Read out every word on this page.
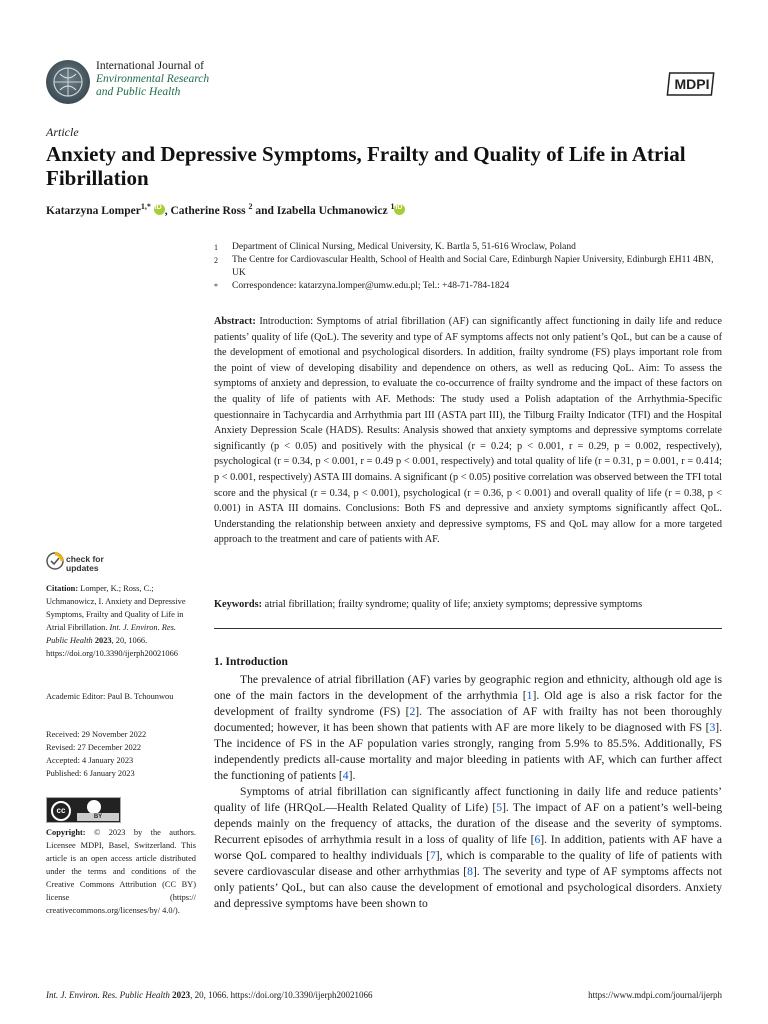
International Journal of
Environmental Research
and Public Health	MDPI
Article
Anxiety and Depressive Symptoms, Frailty and Quality of Life in Atrial Fibrillation
Katarzyna Lomper$^{1,*}$ iD , Catherine Ross $^2$ and Izabella Uchmanowicz $^1$iD
1	Department of Clinical Nursing, Medical University, K. Bartla 5, 51-616 Wroclaw, Poland
2	The Centre for Cardiovascular Health, School of Health and Social Care, Edinburgh Napier University, Edinburgh EH11 4BN, UK
*	Correspondence: katarzyna.lomper@umw.edu.pl; Tel.: +48-71-784-1824
Abstract: Introduction: Symptoms of atrial fibrillation (AF) can significantly affect functioning in daily life and reduce patients’ quality of life (QoL). The severity and type of AF symptoms affects not only patient’s QoL, but can be a cause of the development of emotional and psychological disorders. In addition, frailty syndrome (FS) plays important role from the point of view of developing disability and dependence on others, as well as reducing QoL. Aim: To assess the symptoms of anxiety and depression, to evaluate the co-occurrence of frailty syndrome and the impact of these factors on the quality of life of patients with AF. Methods: The study used a Polish adaptation of the Arrhythmia-Specific questionnaire in Tachycardia and Arrhythmia part III (ASTA part III), the Tilburg Frailty Indicator (TFI) and the Hospital Anxiety Depression Scale (HADS). Results: Analysis showed that anxiety symptoms and depressive symptoms correlate significantly (p < 0.05) and positively with the physical (r = 0.24; p < 0.001, r = 0.29, p = 0.002, respectively), psychological (r = 0.34, p < 0.001, r = 0.49 p < 0.001, respectively) and total quality of life (r = 0.31, p = 0.001, r = 0.414; p < 0.001, respectively) ASTA III domains. A significant (p < 0.05) positive correlation was observed between the TFI total score and the physical (r = 0.34, p < 0.001), psychological (r = 0.36, p < 0.001) and overall quality of life (r = 0.38, p < 0.001) in ASTA III domains. Conclusions: Both FS and depressive and anxiety symptoms significantly affect QoL. Understanding the relationship between anxiety and depressive symptoms, FS and QoL may allow for a more targeted approach to the treatment and care of patients with AF.
Keywords: atrial fibrillation; frailty syndrome; quality of life; anxiety symptoms; depressive symptoms
check for
updates
Citation: Lomper, K.; Ross, C.; Uchmanowicz, I. Anxiety and Depressive Symptoms, Frailty and Quality of Life in Atrial Fibrillation. Int. J. Environ. Res. Public Health 2023, 20, 1066. https://doi.org/10.3390/ijerph20021066
Academic Editor: Paul B. Tchounwou
Received: 29 November 2022
Revised: 27 December 2022
Accepted: 4 January 2023
Published: 6 January 2023
cc
BY
Copyright: © 2023 by the authors. Licensee MDPI, Basel, Switzerland. This article is an open access article distributed under the terms and conditions of the Creative Commons Attribution (CC BY) license (https:// creativecommons.org/licenses/by/ 4.0/).
1. Introduction

The prevalence of atrial fibrillation (AF) varies by geographic region and ethnicity, although old age is one of the main factors in the development of the arrhythmia [1]. Old age is also a risk factor for the development of frailty syndrome (FS) [2]. The association of AF with frailty has not been thoroughly documented; however, it has been shown that patients with AF are more likely to be diagnosed with FS [3]. The incidence of FS in the AF population varies strongly, ranging from 5.9% to 85.5%. Additionally, FS independently predicts all-cause mortality and major bleeding in patients with AF, which can further affect the functioning of patients [4].

Symptoms of atrial fibrillation can significantly affect functioning in daily life and reduce patients’ quality of life (HRQoL—Health Related Quality of Life) [5]. The impact of AF on a patient’s well-being depends mainly on the frequency of attacks, the duration of the disease and the severity of symptoms. Recurrent episodes of arrhythmia result in a loss of quality of life [6]. In addition, patients with AF have a worse QoL compared to healthy individuals [7], which is comparable to the quality of life of patients with severe cardiovascular disease and other arrhythmias [8]. The severity and type of AF symptoms affects not only patients’ QoL, but can also cause the development of emotional and psychological disorders. Anxiety and depressive symptoms have been shown to

Int. J. Environ. Res. Public Health 2023, 20, 1066. https://doi.org/10.3390/ijerph20021066	https://www.mdpi.com/journal/ijerph
